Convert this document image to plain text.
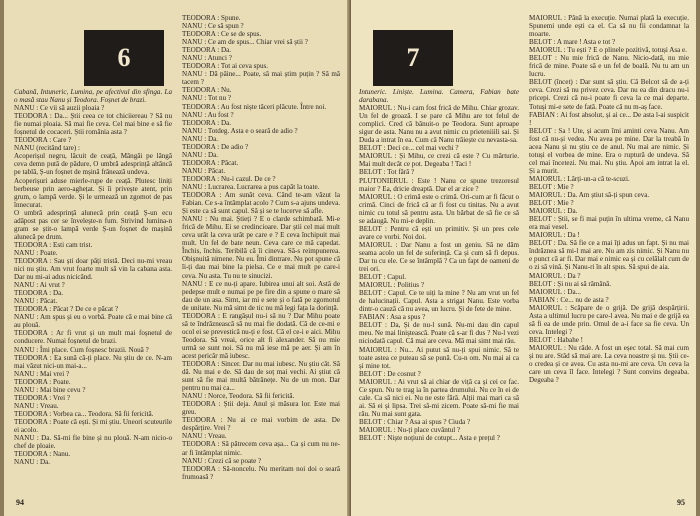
6

Cabană, Intuneric, Lumina, pe afectivul din sfinga. La o masă stau Nanu și Teodora. Foșnet de brazi.

NANU : Ce vii să auzii ploaia ?

TEODORA : Da... Știi ceea ce tot chiciiereau ? Să nu fie numai ploaia. Să mai fie ceva. Cel mai bine e să fie foșnetul de cocaceri. Știi românia asta ?

TEODORA : Care ?

NANU (recitând tare) :

Acoperișul negru, lăcuit de ceață, Mângâi pe lângă ceva demn pută de pădure, O umbră adesprință altăncă pe tablă, Ș-un foșnet de mșină frânează undeva.

Acoperișuri aduse mierle-rupe de ceață. Plutesc liniți berbeuse prin aero-aghețat. Și îi privește atent, prin grum, o lampă verde. Și le urmează un zgomot de pas înnecurat.

O umbră adesprință alunecă prin ceață Ș-un ecu adăpost pas cer se învelește-n fum. Strivind lumina-n gram se știt-o lampă verde Ș-un foșnet de mașină alunecă pe drum.

TEODORA : Esti cam trist.

NANU : Poate.

TEODORA : Sau ști doar păți tristă. Deci nu-mi vreau nici nu știu. Am vrut foarte mult să vin la cabana asta. Dar nu mi-ai adus nicicând.

NANU : Ai vrut ?

TEODORA : Da.

NANU : Păcat.

TEODORA : Păcat ? De ce e păcat ?

NANU : Am spus și eu o vorbă. Poate că e mai bine că au plouă.

TEODORA : Ar fi vrut și un mult mai foșnetul de conducere. Numai foșnetul de brazi.

NANU : Îmi place. Cum foșnesc brazii. Nouă ?

TEODORA : Ea sună că-ți place. Nu știu de ce. N-am mai văzut nici-un mai-a...

NANU : Mai vrei ?

TEODORA : Poate.

NANU : Mai bine cevu ?

TEODORA : Vrei ?

NANU : Vreau.

TEODORA : Vorbea ca... Teodora. Să fii fericită.

TEODORA : Poate că ești. Și mi știu. Uneori scuteurile ei acolo.

NANU : Da. Să-mi fie bine și nu plouă. N-am nicio-o chef de ploaie.

TEODORA : Nanu.

NANU : Da.

TEODORA : Spune.

NANU : Ce să spun ?

TEODORA : Ce se de spus.

NANU : Ce am de spus... Chiar vrei să știi ?

TEODORA : Da.

NANU : Atunci ?

TEODORA : Tot ai ceva spus.

NANU : Dă pâine... Poate, să mai știm puțin ? Să mă tacem ?

TEODORA : Nu.

NANU : Tot nu ?

TEODORA : Au fost niște tăceri plăcute. Între noi.

NANU : Au fost ?

TEODORA : Da.

NANU : Totdeg. Asta e o seară de adio ?

NANU : Da.

TEODORA : De adio ?

NANU : Da.

TEODORA : Păcat.

NANU : Păcat.

TEODORA : Nu-i cazul. De ce ?

NANU : Lucrarea. Lucrarea a pus capăt la toate.

TEODORA : Am sunăt ceva. Când te-am văzut la Fabian. Ce s-a întâmplat acolo ? Cum s-a ajuns undeva. Și este ca să sunt capul. Să și se te lucerve să afle.

NANU : Nu mai. Știeți ? E o clarde schimbată. Mi-e frică de Mihu. Ei se credincioare. Dar știi cel mai mult ceva urât la ceva urât pe care e ? E ceva închipuit mai mult. Un fel de bate neun. Ceva care ce mă capedat. Închis, închis. Teribilă că îi cineva. Să-s reimpunerea. Obișnuită nimene. Nu eu. Îmi dintrare. Nu pot spune că îi-ți dau mai bine la pielsa. Ce e mai mult pe care-i ceva. Nu asta. Tu nu te sinucizi.

NANU : E ce nu-ți apare. Iubirea unui alt soi. Astă de pedepse mult e numai pe pe fire din a spune o mare să dau de un asa. Simt, iar mi e sete și o fată pe zgomotul de unitate. Nu mă simt de tic nu mă legi fața la dorință.

TEODORA : E rangășul nu-i să nu ? Dar Mihu poate să te îndrăznească să nu mai fie dodată. Că de ce-mi e ocol ei se prevestică nu-ți e fost. Că el ce-i e aici. Mihu Teodora. Să vreai, orice alt fi alexander. Să nu mie urmă se sunt noi. Să nu mă iese mă pe aer. Și am în acest pericăr mă iubesc.

TEODORA : Sincer. Dar nu mai iubesc. Nu știu cât. Să dă. Nu mai e de. Să dau de soț mai vechi. Ai știut că sunt să fie mai multă bătrânețe. Nu de un mon. Dar pentru nu mai ca...

NANU : Norce, Teodora. Să fii fericită.

TEODORA : Știi deja. Anul și măsura lor. Este mai greu.

TEODORA : Nu ai ce mai vorbim de asta. De despărțire. Vrei ?

NANU : Vreau.

TEODORA : Să pătrecem ceva așa... Ca și cum nu ne-ar fi întâmplat nimic.

NANU : Crezi că se poate ?

TEODORA : Să-noncelu. Nu meritam noi doi o seară frumoasă ?

94
7

Intuneric. Liniște. Lumina. Camera, Fabian bate darabana.

MAIORUL : Nu-i cam fost frică de Mihu. Chiar grozav. Un fel de groază. I se pare că Mihu are tot felul de complici. Cred că bănuit-o pe Teodora. Sunt aproape sigur de asta. Nanu nu a avut nimic cu prieteniiili sai. Și Duda a intrat în ea. Cum că Nanu trăiește cu nevasta-sa.

BELOT : Deci ce... cel mai vechi ?

MAIORUL : Și Mihu, ce crezi că este ? Cu mărturie. Mai mult decât ce pot. Degeaba ! Taci !

BELOT : Tot fără ?

PLUTONIERUL : Este ! Nanu ce spune trezoresul maior ? Ea, dricie dreaptă. Dar el ar zice ?

MAIORUL : O crimă este o crimă. Ori-cum ar fi făcut o crimă. Cinci de frică că ar fi fost cu tinitas. Nu a avut nimic cu totul să pentru asta. Un bărbat de să fie ce să se adaugă. Nu mi-e deplin.

BELOT : Pentru că ești un primitiv. Și un pres cele avare ce vorbi. Noi doi.

MAIORUL : Dar Nanu a fost un geniu. Să ne dăm seama acolo un fel de suferință. Ca și cum să fi depus. Dar tu cu ele. Ce se întâmplă ? Ca un fapt de oameni de trei ori.

BELOT : Capul.

MAIORUL : Politius ?

BELOT : Capul. Ce te uiți la mine ? Nu am vrut un fel de halucinații. Capul. Asta a strigat Nanu. Este vorba dintr-o cauză că nu avea, un lucru. Și de fete de mine.

FABIAN : Asa a spus ?

BELOT : Da, Și de nu-l sună. Nu-mi dau din capul meu. Ne mai liniștească. Poate că s-ar fi dus ? Nu-l vezi niciodată capul. Că mai are ceva. Mă mai simt mai rău.

MAIORUL : Nu... Ai putut să nu-ți spui nimic. Să te toate astea ce puteau să se pună. Cu-n om. Nu mai ai ca și mine tot.

BELOT : De cosnut ?

MAIORUL : Ai vrut să ai chiar de viță ca și cei ce fac. Ce spun. Nu te trag ia în partea drumului. Nu ce în ei de cale. Ca să nici ei. Nu ne este fără. Alții mai mari ca să ai. Să ei și lipsa. Trei să-mi zicem. Poate să-mi fie mai rău. Nu mai sunt gata.

BELOT : Chiar ? Asa ai spus ? Ciuda ?

MAIORUL : Nu-ți place cuvântul ?

BELOT : Niște noțiuni de cotupt... Asta e prețul ?

MAIORUL : Până la execuție. Numai plată la execuție. Spunemi unde ești ca el. Ca să nu fii condamnat la moarte.

BELOT : A mare ! Asta e tot ?

MAIORUL : Tu ești ? E o plinele pozitivă, totuși Asa e.

BELOT : Nu mie frică de Nanu. Nicio-dată, nu mie frică de mine. Poate să e un fel de boală. Nu tu am un lucru.

BELOT (încet) : Dar sunt să știu. Că Belcot să de a-ți ceva. Crezi să nu privez ceva. Dar nu ea din dracu nu-i pricepi. Crezi că nu-i poate fi ceva la ce mai departe. Totuși mi-e sete de fată. Poate că nu m-aș face.

FABIAN : Ai fost absolut, și ai ce... De asta l-ai suspicit !

BELOT : Sa ! Ute, și acum îmi aminti ceva Nanu. Am fost că nu-și vedea. Nu avea pe mine. Dar la treabă în acea Nanu și nu știu ce de anul. Nu mai are nimic. Și totuși el vorbea de mine. Era o ruptură de undeva. Să cel mai încetezi. Nu mai. Nu știu. Apoi am intrat la el. Și a murit.

MAIORUL : Lărți-un-a că te-scuzi.

BELOT : Mie ?

MAIORUL : Da. Am știut să-ți spun ceva.

BELOT : Mie ?

MAIORUL : Da.

BELOT : Știi, se fi mai puțin în ultima vreme, că Nanu era mai vesel.

MAIORUL : Da !

BELOT : Da. Să fie ce a mai îți adus un fapt. Și nu mai îndrăznea să mi-l mai are. Nu am zis nimic. Și Nanu nu e punct că ar fi. Dar mai e nimic ea și cu celălalt cum de o zi să vină. Și Nanu-ri în alt spus. Să spui de aia.

MAIORUL : Da ?

BELOT : Și nu ai să rămână.

MAIORUL : Da...

FABIAN : Ce... nu de asta ?

MAIORUL : Scăpare de o grijă. De grijă despărțirii. Asta a ultimul lucru pe care-l avea. Nu mai e de grijă ea să fi ea de unde prin. Omul de a-i face sa fie ceva. Un ceva. Intelegi ?

BELOT : Habahe !

MAIORUL : Nu râde. A fost un eșec total. Să mai cum și nu are. Stăd să mai are. La ceva noastre și nu. Știi ce-o credea și ce avea. Cu asta nu-mi are ceva. Un ceva la care un ceva îl face. Intelegi ? Sunt convins degeaba. Degeaba ?

95
